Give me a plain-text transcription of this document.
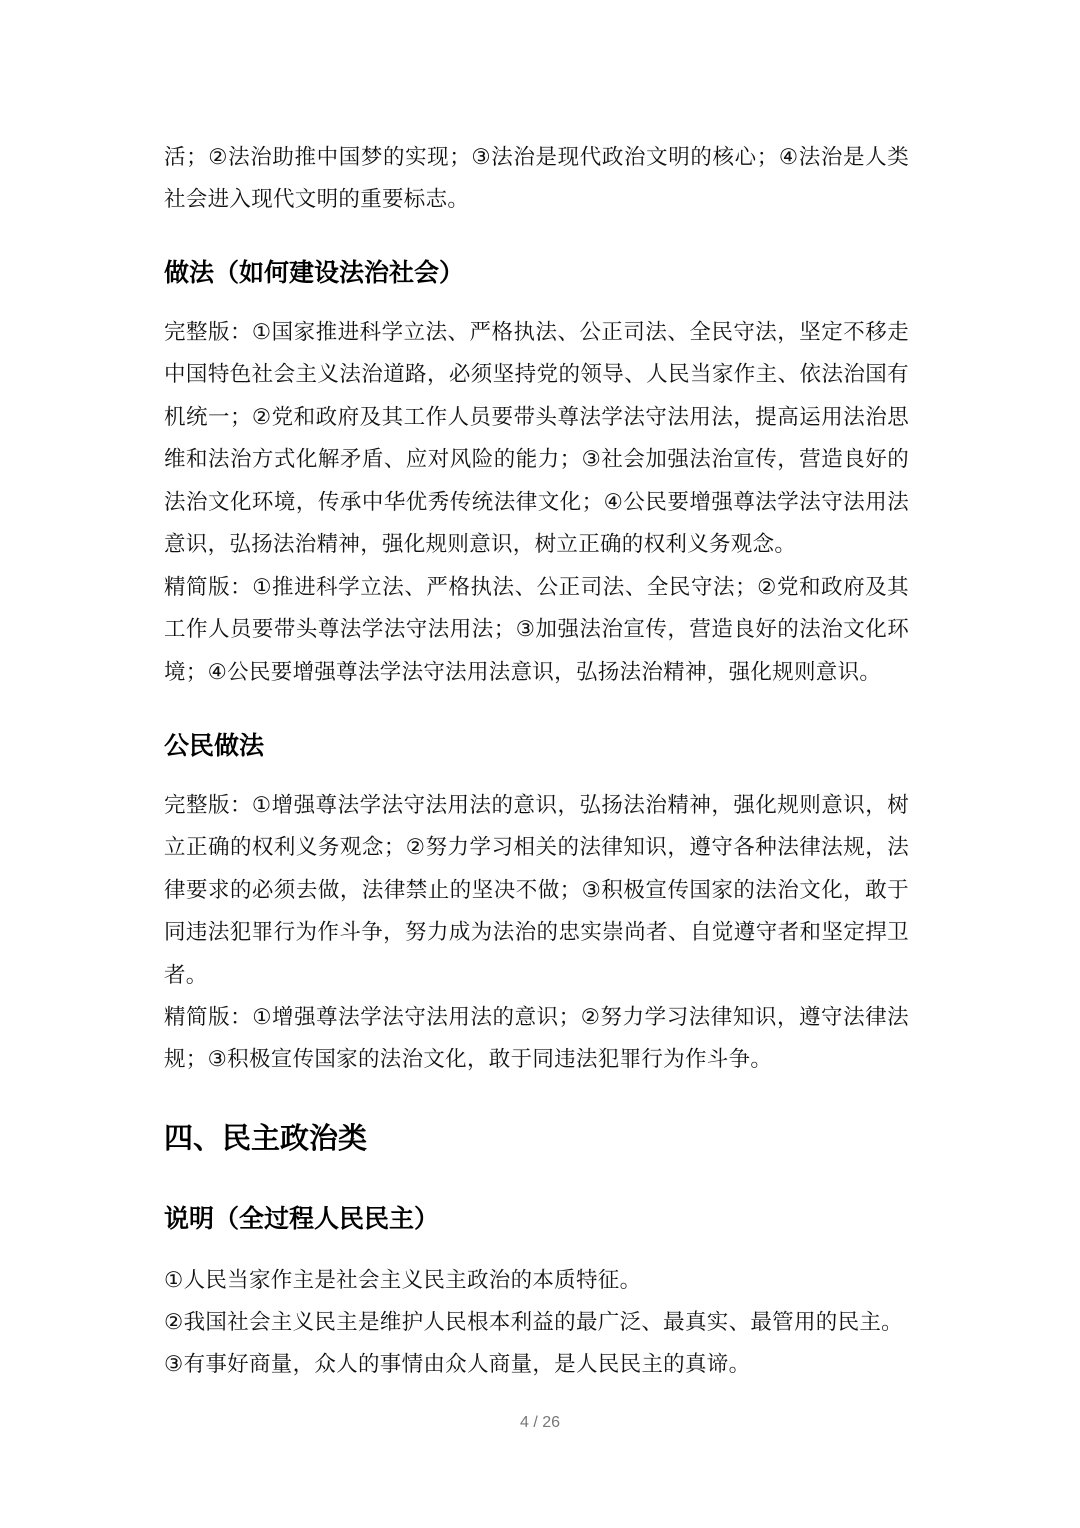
活；②法治助推中国梦的实现；③法治是现代政治文明的核心；④法治是人类社会进入现代文明的重要标志。

做法（如何建设法治社会）

完整版：①国家推进科学立法、严格执法、公正司法、全民守法，坚定不移走中国特色社会主义法治道路，必须坚持党的领导、人民当家作主、依法治国有机统一；②党和政府及其工作人员要带头尊法学法守法用法，提高运用法治思维和法治方式化解矛盾、应对风险的能力；③社会加强法治宣传，营造良好的法治文化环境，传承中华优秀传统法律文化；④公民要增强尊法学法守法用法意识，弘扬法治精神，强化规则意识，树立正确的权利义务观念。

精简版：①推进科学立法、严格执法、公正司法、全民守法；②党和政府及其工作人员要带头尊法学法守法用法；③加强法治宣传，营造良好的法治文化环境；④公民要增强尊法学法守法用法意识，弘扬法治精神，强化规则意识。

公民做法

完整版：①增强尊法学法守法用法的意识，弘扬法治精神，强化规则意识，树立正确的权利义务观念；②努力学习相关的法律知识，遵守各种法律法规，法律要求的必须去做，法律禁止的坚决不做；③积极宣传国家的法治文化，敢于同违法犯罪行为作斗争，努力成为法治的忠实崇尚者、自觉遵守者和坚定捍卫者。

精简版：①增强尊法学法守法用法的意识；②努力学习法律知识，遵守法律法规；③积极宣传国家的法治文化，敢于同违法犯罪行为作斗争。

四、民主政治类
说明（全过程人民民主）

①人民当家作主是社会主义民主政治的本质特征。

②我国社会主义民主是维护人民根本利益的最广泛、最真实、最管用的民主。

③有事好商量，众人的事情由众人商量，是人民民主的真谛。

4 / 26
